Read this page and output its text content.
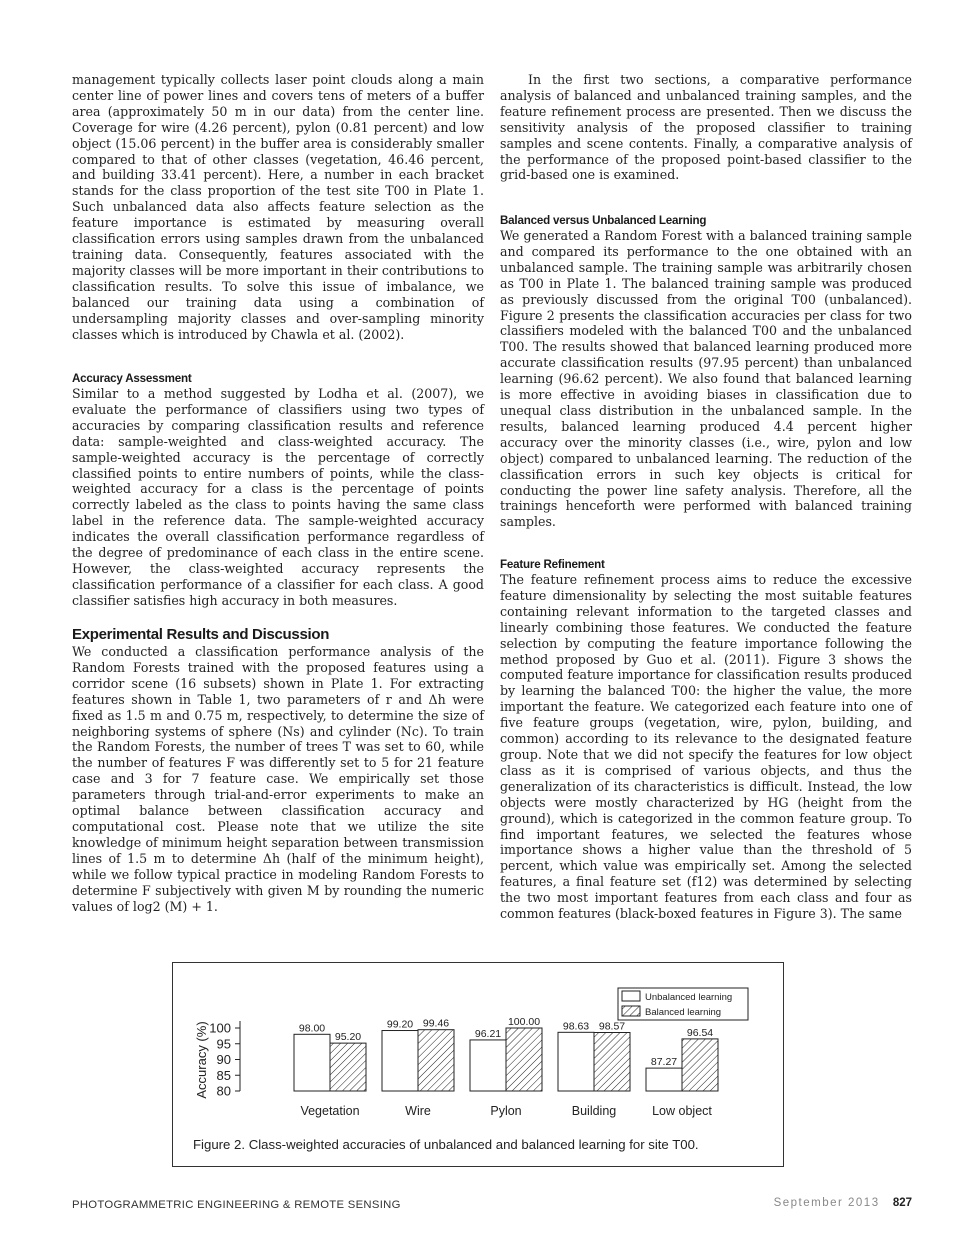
management typically collects laser point clouds along a main center line of power lines and covers tens of meters of a buffer area (approximately 50 m in our data) from the center line. Coverage for wire (4.26 percent), pylon (0.81 percent) and low object (15.06 percent) in the buffer area is considerably smaller compared to that of other classes (vegetation, 46.46 percent, and building 33.41 percent). Here, a number in each bracket stands for the class proportion of the test site T00 in Plate 1. Such unbalanced data also affects feature selection as the feature importance is estimated by measuring overall classification errors using samples drawn from the unbalanced training data. Consequently, features associated with the majority classes will be more important in their contributions to classification results. To solve this issue of imbalance, we balanced our training data using a combination of undersampling majority classes and over-sampling minority classes which is introduced by Chawla et al. (2002).

Accuracy Assessment

Similar to a method suggested by Lodha et al. (2007), we evaluate the performance of classifiers using two types of accuracies by comparing classification results and reference data: sample-weighted and class-weighted accuracy. The sample-weighted accuracy is the percentage of correctly classified points to entire numbers of points, while the class-weighted accuracy for a class is the percentage of points correctly labeled as the class to points having the same class label in the reference data. The sample-weighted accuracy indicates the overall classification performance regardless of the degree of predominance of each class in the entire scene. However, the class-weighted accuracy represents the classification performance of a classifier for each class. A good classifier satisfies high accuracy in both measures.

Experimental Results and Discussion

We conducted a classification performance analysis of the Random Forests trained with the proposed features using a corridor scene (16 subsets) shown in Plate 1. For extracting features shown in Table 1, two parameters of r and Δh were fixed as 1.5 m and 0.75 m, respectively, to determine the size of neighboring systems of sphere (Ns) and cylinder (Nc). To train the Random Forests, the number of trees T was set to 60, while the number of features F was differently set to 5 for 21 feature case and 3 for 7 feature case. We empirically set those parameters through trial-and-error experiments to make an optimal balance between classification accuracy and computational cost. Please note that we utilize the site knowledge of minimum height separation between transmission lines of 1.5 m to determine Δh (half of the minimum height), while we follow typical practice in modeling Random Forests to determine F subjectively with given M by rounding the numeric values of log2 (M) + 1.

In the first two sections, a comparative performance analysis of balanced and unbalanced training samples, and the feature refinement process are presented. Then we discuss the sensitivity analysis of the proposed classifier to training samples and scene contents. Finally, a comparative analysis of the performance of the proposed point-based classifier to the grid-based one is examined.

Balanced versus Unbalanced Learning

We generated a Random Forest with a balanced training sample and compared its performance to the one obtained with an unbalanced sample. The training sample was arbitrarily chosen as T00 in Plate 1. The balanced training sample was produced as previously discussed from the original T00 (unbalanced). Figure 2 presents the classification accuracies per class for two classifiers modeled with the balanced T00 and the unbalanced T00. The results showed that balanced learning produced more accurate classification results (97.95 percent) than unbalanced learning (96.62 percent). We also found that balanced learning is more effective in avoiding biases in classification due to unequal class distribution in the unbalanced sample. In the results, balanced learning produced 4.4 percent higher accuracy over the minority classes (i.e., wire, pylon and low object) compared to unbalanced learning. The reduction of the classification errors in such key objects is critical for conducting the power line safety analysis. Therefore, all the trainings henceforth were performed with balanced training samples.

Feature Refinement

The feature refinement process aims to reduce the excessive feature dimensionality by selecting the most suitable features containing relevant information to the targeted classes and linearly combining those features. We conducted the feature selection by computing the feature importance following the method proposed by Guo et al. (2011). Figure 3 shows the computed feature importance for classification results produced by learning the balanced T00: the higher the value, the more important the feature. We categorized each feature into one of five feature groups (vegetation, wire, pylon, building, and common) according to its relevance to the designated feature group. Note that we did not specify the features for low object class as it is comprised of various objects, and thus the generalization of its characteristics is difficult. Instead, the low objects were mostly characterized by HG (height from the ground), which is categorized in the common feature group. To find important features, we selected the features whose importance shows a higher value than the threshold of 5 percent, which value was empirically set. Among the selected features, a final feature set (f12) was determined by selecting the two most important features from each class and four as common features (black-boxed features in Figure 3). The same

80
85
90
95
100
Accuracy (%)	98.00
95.20
Vegetation
99.20 99.46
Wire
96.21
100.00
Pylon
98.63 98.57
Building
87.27
96.54
Low object
Unbalanced learning
Balanced learning
Figure 2. Class-weighted accuracies of unbalanced and balanced learning for site T00.
PHOTOGRAMMETRIC ENGINEERING & REMOTE SENSING	September 2013 827
